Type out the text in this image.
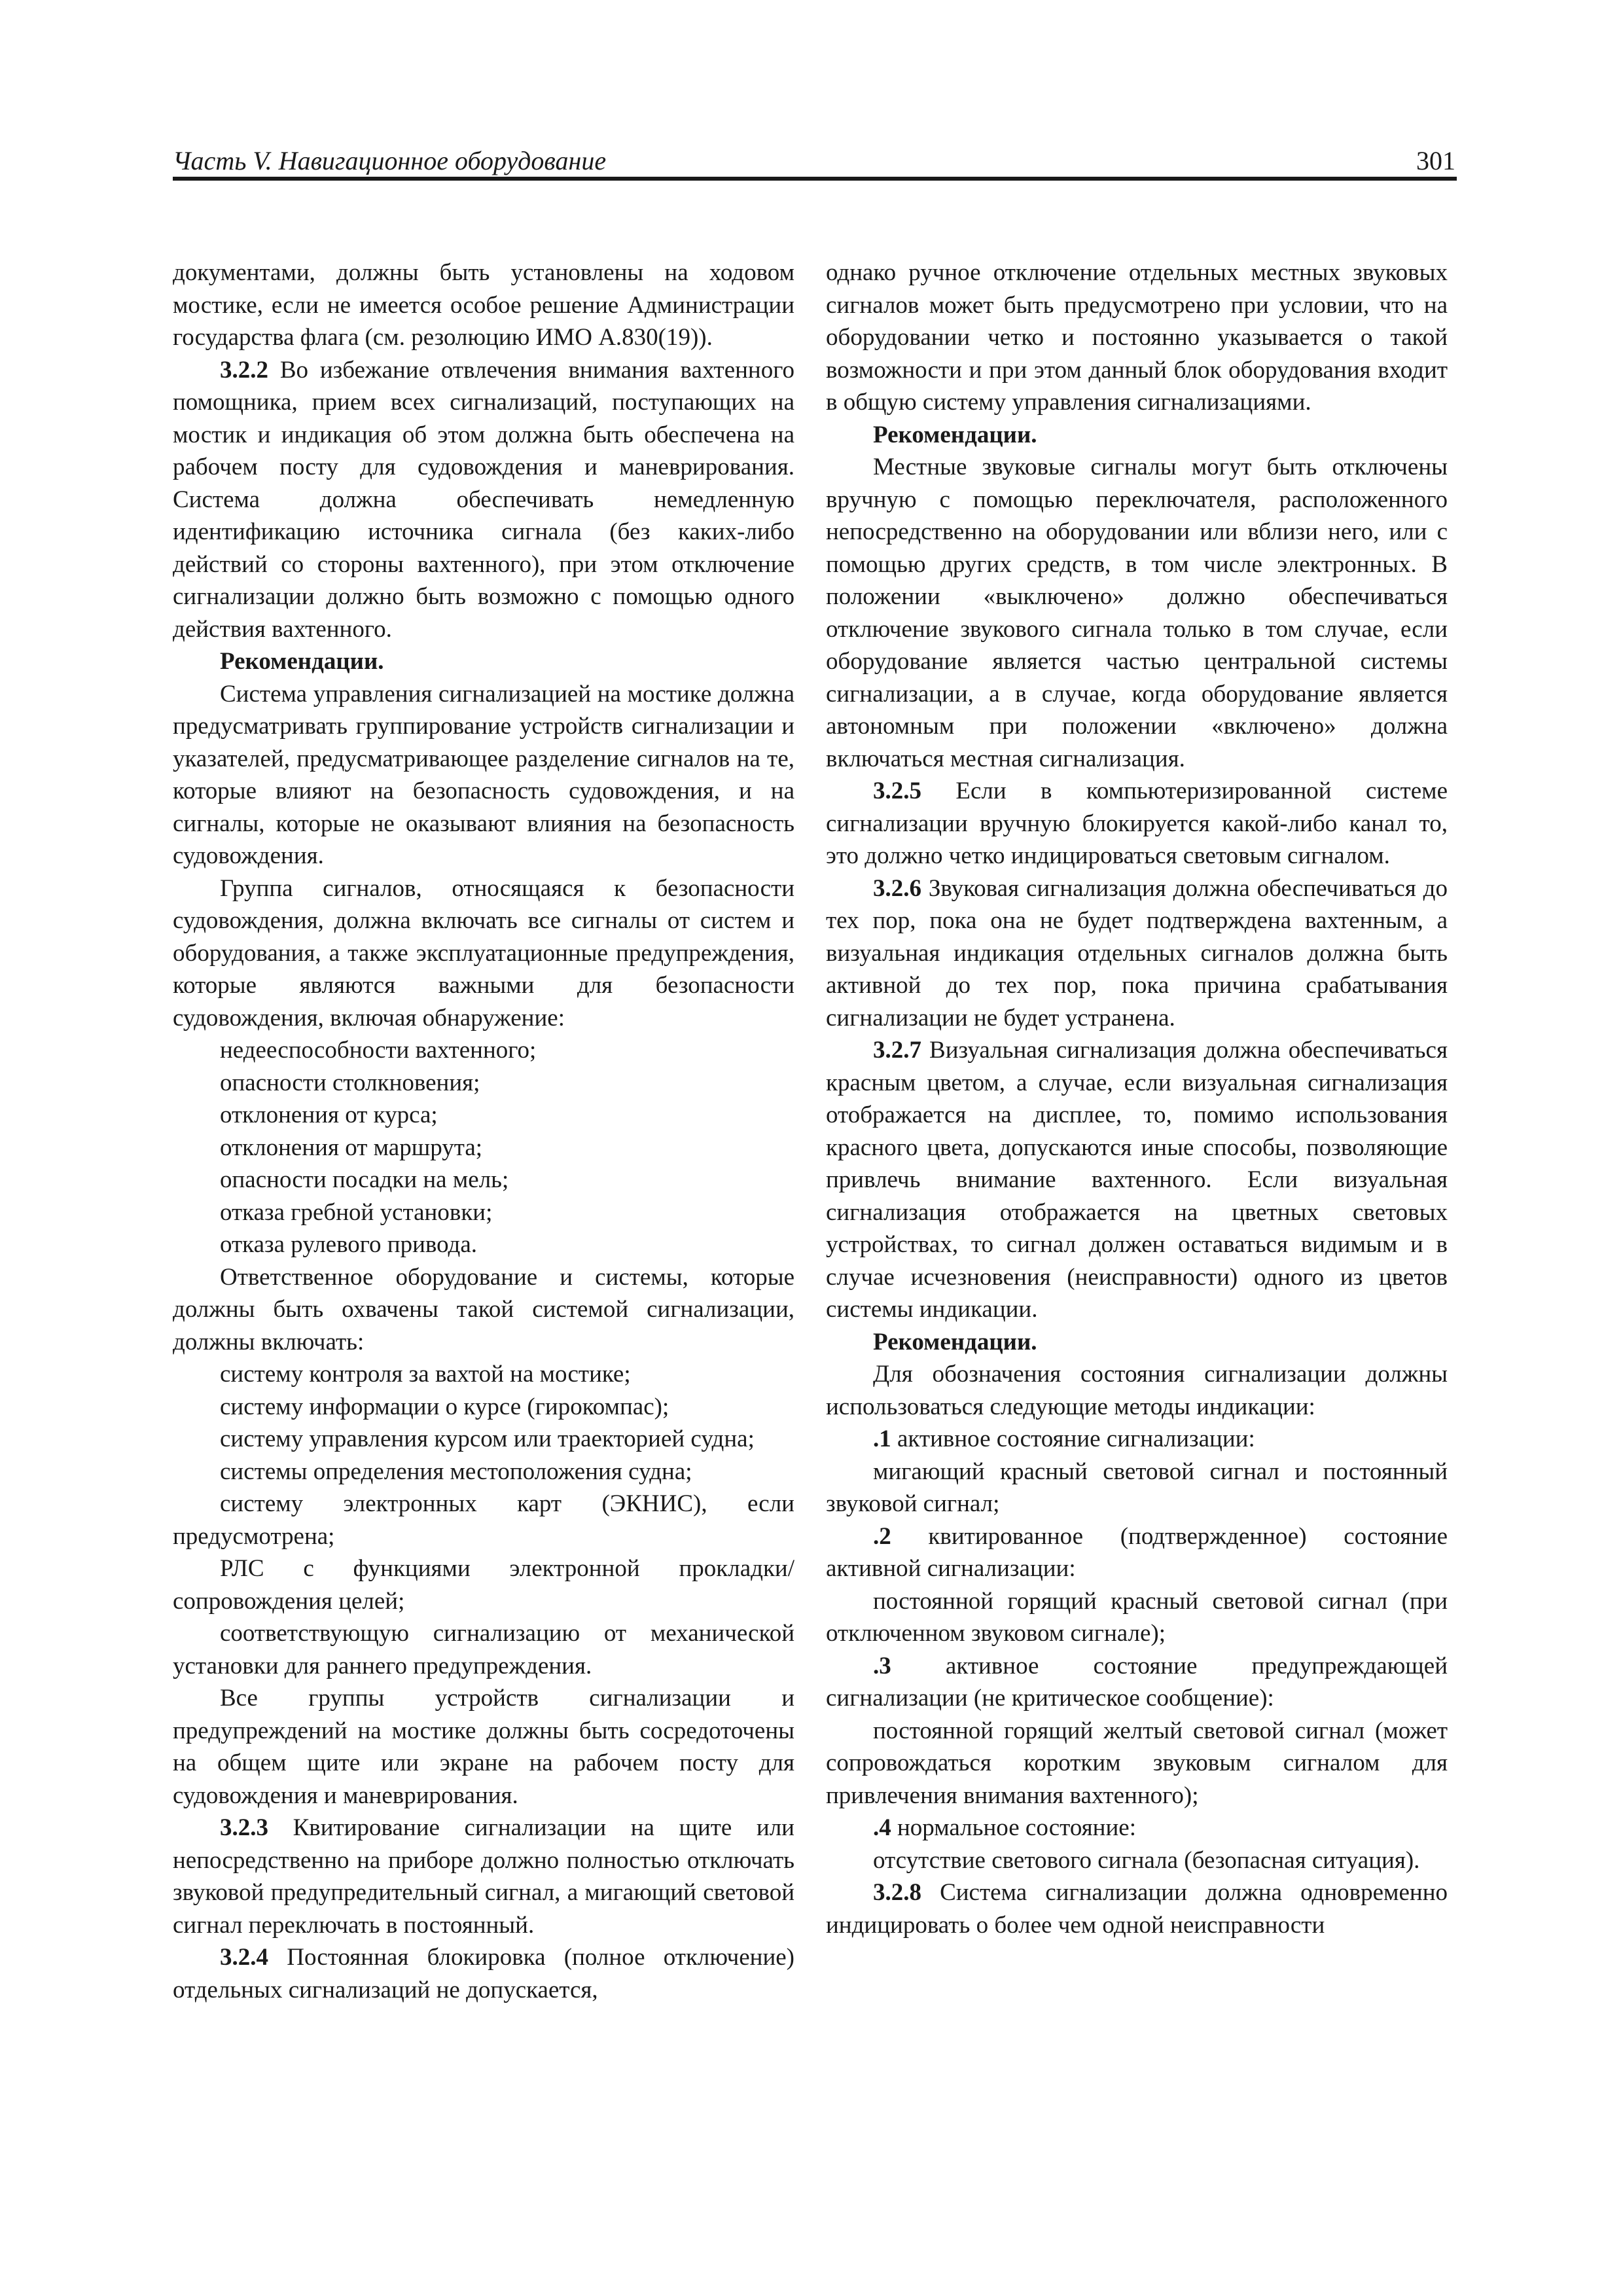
Часть V. Навигационное оборудование	301

документами, должны быть установлены на ходовом мостике, если не имеется особое решение Администрации государства флага (см. резолюцию ИМО А.830(19)).

3.2.2 Во избежание отвлечения внимания вахтенного помощника, прием всех сигнализаций, поступающих на мостик и индикация об этом должна быть обеспечена на рабочем посту для судовождения и маневрирования. Система должна обеспечивать немедленную идентификацию источника сигнала (без каких-либо действий со стороны вахтенного), при этом отключение сигнализации должно быть возможно с помощью одного действия вахтенного.

Рекомендации.

Система управления сигнализацией на мостике должна предусматривать группирование устройств сигнализации и указателей, предусматривающее разделение сигналов на те, которые влияют на безопасность судовождения, и на сигналы, которые не оказывают влияния на безопасность судовождения.

Группа сигналов, относящаяся к безопасности судовождения, должна включать все сигналы от систем и оборудования, а также эксплуатационные предупреждения, которые являются важными для безопасности судовождения, включая обнаружение:

недееспособности вахтенного;

опасности столкновения;

отклонения от курса;

отклонения от маршрута;

опасности посадки на мель;

отказа гребной установки;

отказа рулевого привода.

Ответственное оборудование и системы, которые должны быть охвачены такой системой сигнализации, должны включать:

систему контроля за вахтой на мостике;

систему информации о курсе (гирокомпас);

систему управления курсом или траекторией судна;

системы определения местоположения судна;

систему электронных карт (ЭКНИС), если предусмотрена;

РЛС с функциями электронной прокладки/ сопровождения целей;

соответствующую сигнализацию от механической установки для раннего предупреждения.

Все группы устройств сигнализации и предупреждений на мостике должны быть сосредоточены на общем щите или экране на рабочем посту для судовождения и маневрирования.

3.2.3 Квитирование сигнализации на щите или непосредственно на приборе должно полностью отключать звуковой предупредительный сигнал, а мигающий световой сигнал переключать в постоянный.

3.2.4 Постоянная блокировка (полное отключение) отдельных сигнализаций не допускается,

однако ручное отключение отдельных местных звуковых сигналов может быть предусмотрено при условии, что на оборудовании четко и постоянно указывается о такой возможности и при этом данный блок оборудования входит в общую систему управления сигнализациями.

Рекомендации.

Местные звуковые сигналы могут быть отключены вручную с помощью переключателя, расположенного непосредственно на оборудовании или вблизи него, или с помощью других средств, в том числе электронных. В положении «выключено» должно обеспечиваться отключение звукового сигнала только в том случае, если оборудование является частью центральной системы сигнализации, а в случае, когда оборудование является автономным при положении «включено» должна включаться местная сигнализация.

3.2.5 Если в компьютеризированной системе сигнализации вручную блокируется какой-либо канал то, это должно четко индицироваться световым сигналом.

3.2.6 Звуковая сигнализация должна обеспечиваться до тех пор, пока она не будет подтверждена вахтенным, а визуальная индикация отдельных сигналов должна быть активной до тех пор, пока причина срабатывания сигнализации не будет устранена.

3.2.7 Визуальная сигнализация должна обеспечиваться красным цветом, а случае, если визуальная сигнализация отображается на дисплее, то, помимо использования красного цвета, допускаются иные способы, позволяющие привлечь внимание вахтенного. Если визуальная сигнализация отображается на цветных световых устройствах, то сигнал должен оставаться видимым и в случае исчезновения (неисправности) одного из цветов системы индикации.

Рекомендации.

Для обозначения состояния сигнализации должны использоваться следующие методы индикации:

.1 активное состояние сигнализации:

мигающий красный световой сигнал и постоянный звуковой сигнал;

.2 квитированное (подтвержденное) состояние активной сигнализации:

постоянной горящий красный световой сигнал (при отключенном звуковом сигнале);

.3 активное состояние предупреждающей сигнализации (не критическое сообщение):

постоянной горящий желтый световой сигнал (может сопровождаться коротким звуковым сигналом для привлечения внимания вахтенного);

.4 нормальное состояние:

отсутствие светового сигнала (безопасная ситуация).

3.2.8 Система сигнализации должна одновременно индицировать о более чем одной неисправности
